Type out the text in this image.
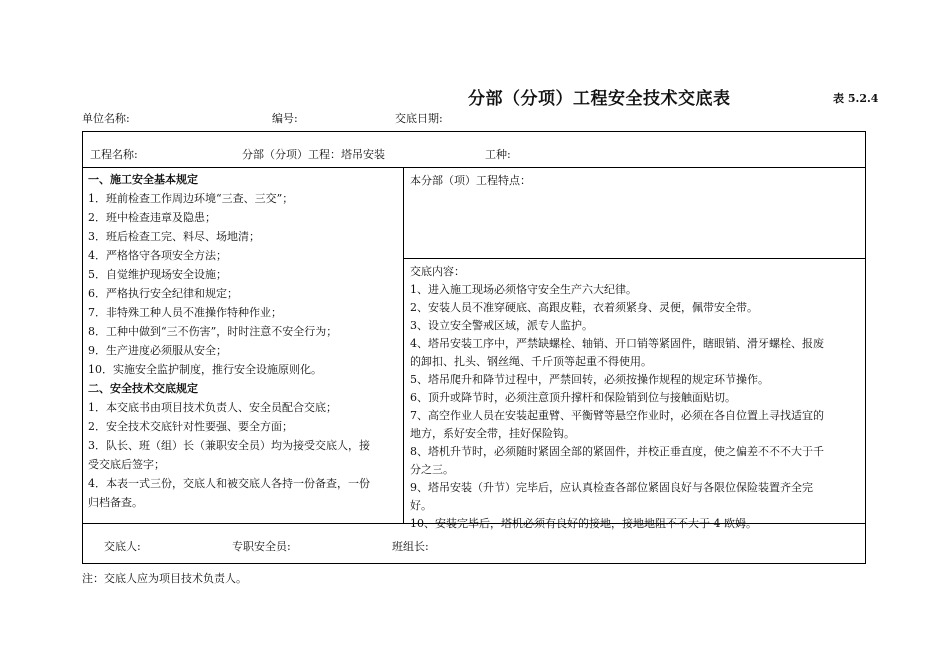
分部（分项）工程安全技术交底表	表 5.2.4
单位名称:	编号:	交底日期:
工程名称:	分部（分项）工程：塔吊安装	工种:

一、施工安全基本规定

1．班前检查工作周边环境“三查、三交”；

2．班中检查违章及隐患；

3．班后检查工完、料尽、场地清；

4．严格恪守各项安全方法；

5．自觉维护现场安全设施；

6．严格执行安全纪律和规定；

7．非特殊工种人员不准操作特种作业；

8．工种中做到“三不伤害”，时时注意不安全行为；

9．生产进度必须服从安全；

10．实施安全监护制度，推行安全设施原则化。

二、安全技术交底规定

1．本交底书由项目技术负责人、安全员配合交底；

2．安全技术交底针对性要强、要全方面；

3．队长、班（组）长（兼职安全员）均为接受交底人，接

受交底后签字；

4．本表一式三份，交底人和被交底人各持一份备查，一份

归档备查。

本分部（项）工程特点：

交底内容：

1、进入施工现场必须恪守安全生产六大纪律。

2、安装人员不准穿硬底、高跟皮鞋，衣着须紧身、灵便，佩带安全带。

3、设立安全警戒区域，派专人监护。

4、塔吊安装工序中，严禁缺螺栓、轴销、开口销等紧固件，瞎眼销、滑牙螺栓、报废

的卸扣、扎头、钢丝绳、千斤顶等起重不得使用。

5、塔吊爬升和降节过程中，严禁回转，必须按操作规程的规定环节操作。

6、顶升或降节时，必须注意顶升撑杆和保险销到位与接触面贴切。

7、高空作业人员在安装起重臂、平衡臂等悬空作业时，必须在各自位置上寻找适宜的

地方，系好安全带，挂好保险钩。

8、塔机升节时，必须随时紧固全部的紧固件，并校正垂直度，使之偏差不不不大于千

分之三。

9、塔吊安装（升节）完毕后，应认真检查各部位紧固良好与各限位保险装置齐全完

好。

10、安装完毕后，塔机必须有良好的接地，接地地阻不不大于 4 欧姆。

交底人:	专职安全员:	班组长:
注：交底人应为项目技术负责人。
